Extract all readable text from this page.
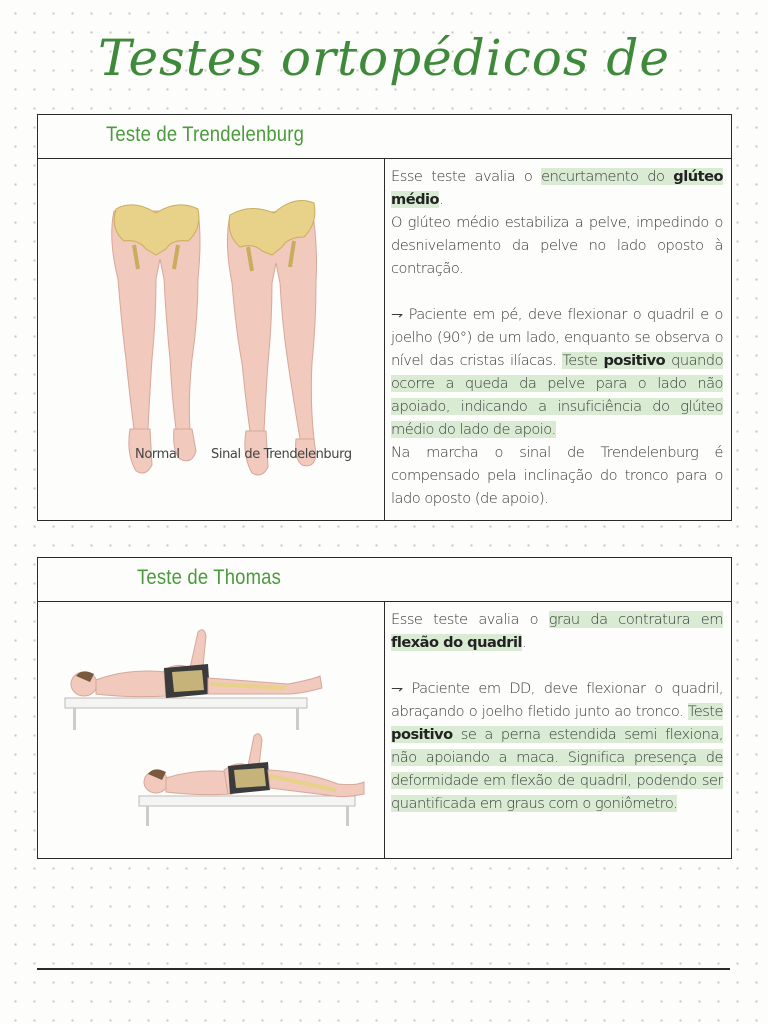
Testes ortopédicos de
Teste de Trendelenburg
Normal Sinal de Trendelenburg

Esse teste avalia o encurtamento do glúteo médio.

O glúteo médio estabiliza a pelve, impedindo o desnivelamento da pelve no lado oposto à contração.

⇁ Paciente em pé, deve flexionar o quadril e o joelho (90°) de um lado, enquanto se observa o nível das cristas ilíacas. Teste positivo quando ocorre a queda da pelve para o lado não apoiado, indicando a insuficiência do glúteo médio do lado de apoio.

Na marcha o sinal de Trendelenburg é compensado pela inclinação do tronco para o lado oposto (de apoio).

Teste de Thomas

Esse teste avalia o grau da contratura em flexão do quadril.

⇁ Paciente em DD, deve flexionar o quadril, abraçando o joelho fletido junto ao tronco. Teste positivo se a perna estendida semi flexiona, não apoiando a maca. Significa presença de deformidade em flexão de quadril, podendo ser quantificada em graus com o goniômetro.
